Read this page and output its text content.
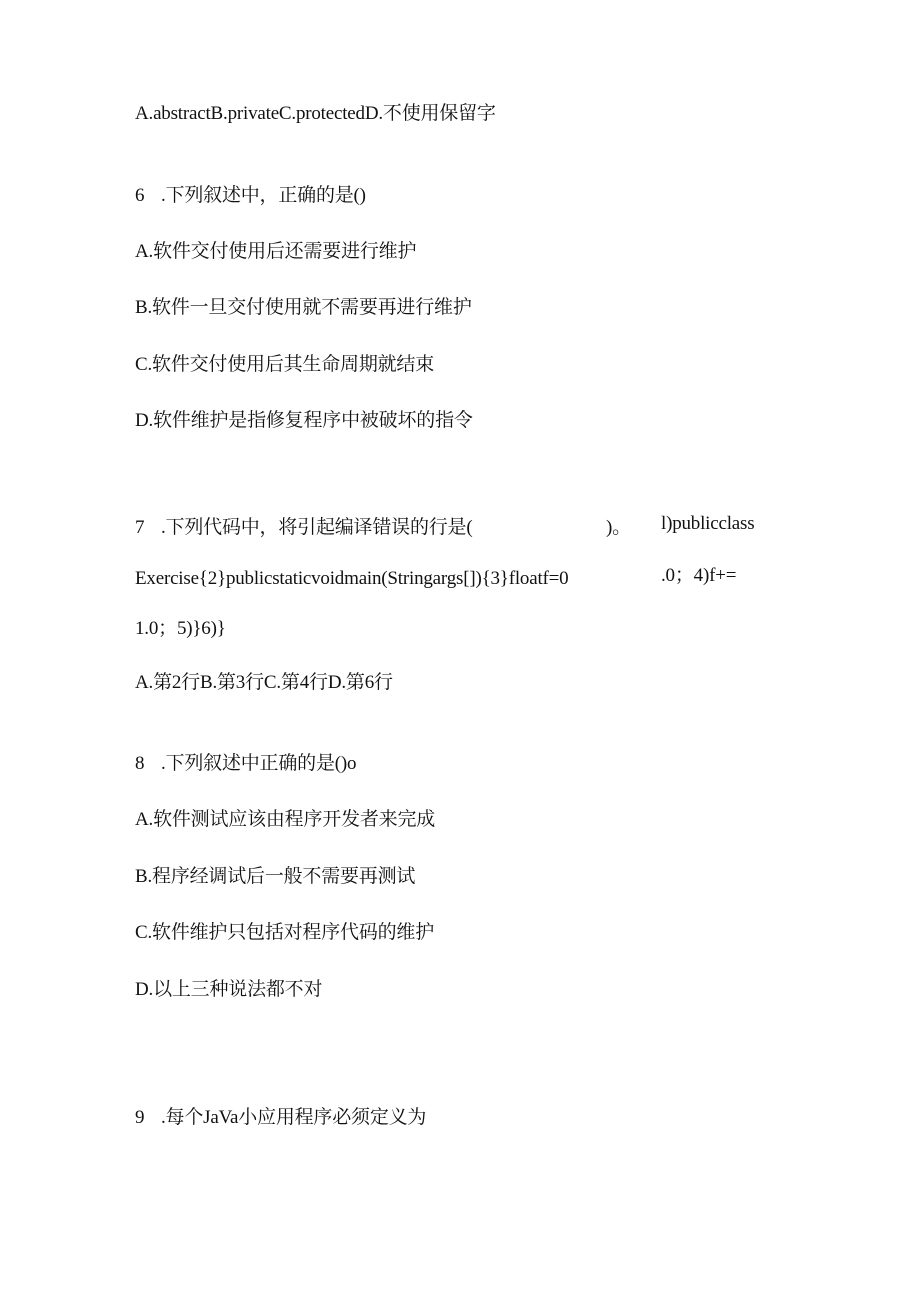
A.abstractB.privateC.protectedD.不使用保留字
6 .下列叙述中，正确的是()
A.软件交付使用后还需要进行维护
B.软件一旦交付使用就不需要再进行维护
C.软件交付使用后其生命周期就结束
D.软件维护是指修复程序中被破坏的指令
7 .下列代码中，将引起编译错误的行是(	)。 l)publicclass
Exercise{2}publicstaticvoidmain(Stringargs[]){3}floatf=0	.0；4)f+=
1.0；5)}6)}
A.第2行B.第3行C.第4行D.第6行
8 .下列叙述中正确的是()o
A.软件测试应该由程序开发者来完成
B.程序经调试后一般不需要再测试
C.软件维护只包括对程序代码的维护
D.以上三种说法都不对
9 .每个JaVa小应用程序必须定义为
